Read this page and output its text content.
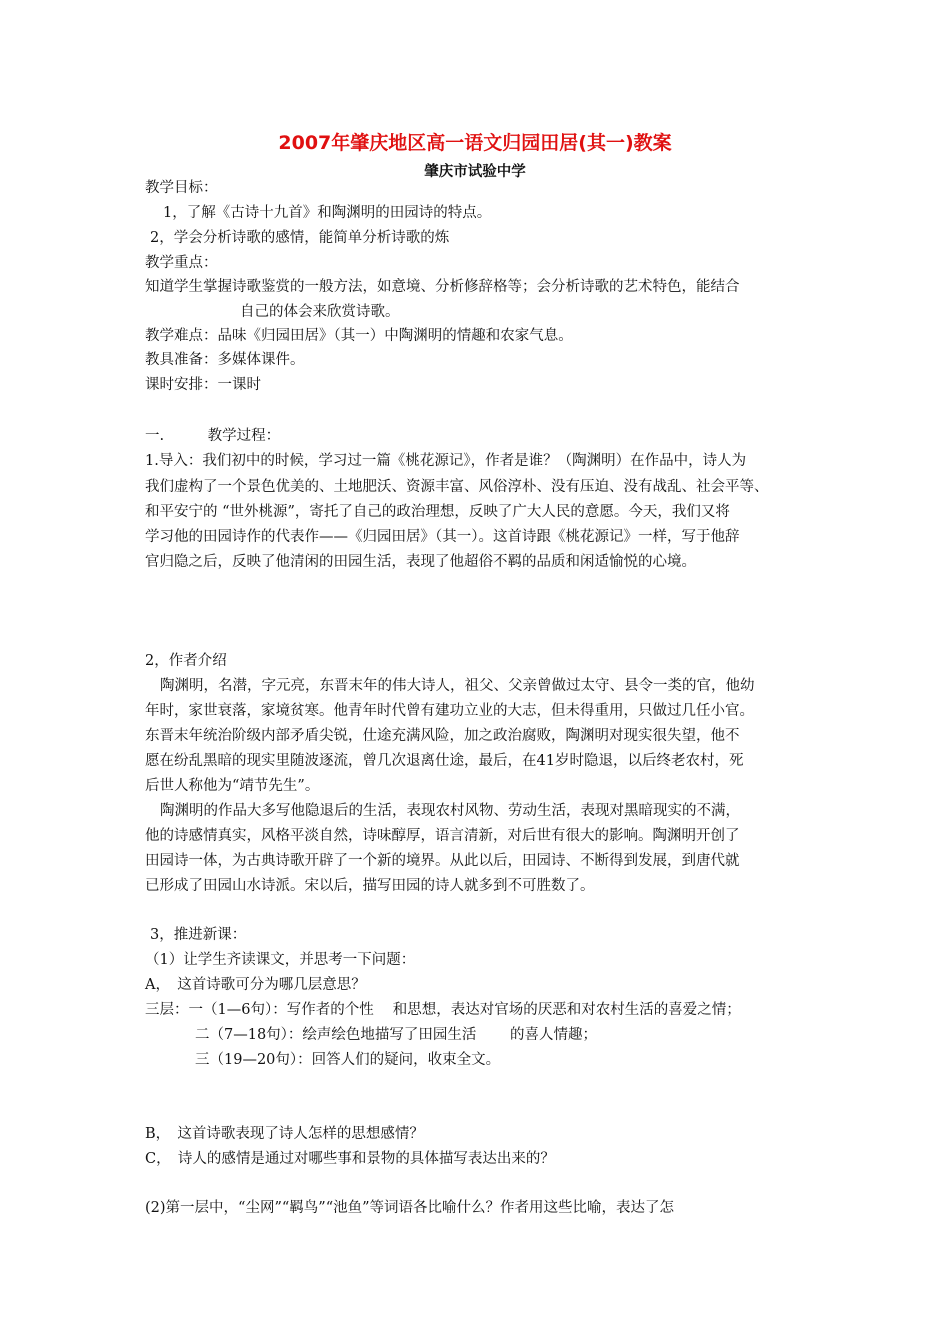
2007年肇庆地区高一语文归园田居(其一)教案
肇庆市试验中学
教学目标：
1，了解《古诗十九首》和陶渊明的田园诗的特点。
2，学会分析诗歌的感情，能简单分析诗歌的炼
教学重点：
知道学生掌握诗歌鉴赏的一般方法，如意境、分析修辞格等；会分析诗歌的艺术特色，能结合
自己的体会来欣赏诗歌。
教学难点：品味《归园田居》（其一）中陶渊明的情趣和农家气息。
教具准备：多媒体课件。
课时安排：一课时
一.　　　教学过程：
1.导入：我们初中的时候，学习过一篇《桃花源记》，作者是谁？（陶渊明）在作品中，诗人为
我们虚构了一个景色优美的、土地肥沃、资源丰富、风俗淳朴、没有压迫、没有战乱、社会平等、
和平安宁的 “世外桃源”，寄托了自己的政治理想，反映了广大人民的意愿。今天，我们又将
学习他的田园诗作的代表作——《归园田居》（其一）。这首诗跟《桃花源记》一样，写于他辞
官归隐之后，反映了他清闲的田园生活，表现了他超俗不羁的品质和闲适愉悦的心境。
2，作者介绍
陶渊明，名潜，字元亮，东晋末年的伟大诗人，祖父、父亲曾做过太守、县令一类的官，他幼
年时，家世衰落，家境贫寒。他青年时代曾有建功立业的大志，但未得重用，只做过几任小官。
东晋末年统治阶级内部矛盾尖锐，仕途充满风险，加之政治腐败，陶渊明对现实很失望，他不
愿在纷乱黑暗的现实里随波逐流，曾几次退离仕途，最后，在41岁时隐退，以后终老农村，死
后世人称他为“靖节先生”。
陶渊明的作品大多写他隐退后的生活，表现农村风物、劳动生活，表现对黑暗现实的不满，
他的诗感情真实，风格平淡自然，诗味醇厚，语言清新，对后世有很大的影响。陶渊明开创了
田园诗一体，为古典诗歌开辟了一个新的境界。从此以后，田园诗、不断得到发展，到唐代就
已形成了田园山水诗派。宋以后，描写田园的诗人就多到不可胜数了。
3，推进新课：
（1）让学生齐读课文，并思考一下问题：
A，　这首诗歌可分为哪几层意思？
三层：一（1—6句）：写作者的个性　 和思想，表达对官场的厌恶和对农村生活的喜爱之情；
二（7—18句）：绘声绘色地描写了田园生活　　 的喜人情趣；
三（19—20句）：回答人们的疑问，收束全文。
B，　这首诗歌表现了诗人怎样的思想感情？
C，　诗人的感情是通过对哪些事和景物的具体描写表达出来的？
(2)第一层中，“尘网”“羁鸟”“池鱼”等词语各比喻什么？作者用这些比喻，表达了怎
